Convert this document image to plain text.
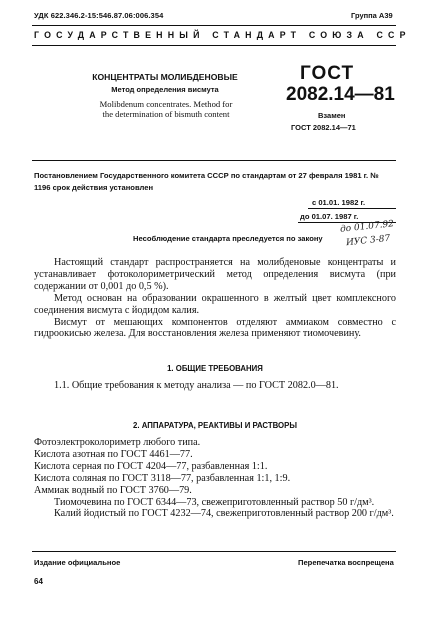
УДК 622.346.2-15:546.87.06:006.354	Группа А39
ГОСУДАРСТВЕННЫЙ СТАНДАРТ СОЮЗА ССР
КОНЦЕНТРАТЫ МОЛИБДЕНОВЫЕ
Метод определения висмута
Molibdenum concentrates. Method for the determination of bismuth content
ГОСТ
2082.14—81
Взамен
ГОСТ 2082.14—71
Постановлением Государственного комитета СССР по стандартам от 27 февраля 1981 г. № 1196 срок действия установлен
с 01.01. 1982 г.
до 01.07. 1987 г.
Несоблюдение стандарта преследуется по закону
до 01.07.92
ИУС 3-87

Настоящий стандарт распространяется на молибденовые концентраты и устанавливает фотоколориметрический метод определения висмута (при содержании от 0,001 до 0,5 %).

Метод основан на образовании окрашенного в желтый цвет комплексного соединения висмута с йодидом калия.

Висмут от мешающих компонентов отделяют аммиаком совместно с гидроокисью железа. Для восстановления железа применяют тиомочевину.

1. ОБЩИЕ ТРЕБОВАНИЯ

1.1. Общие требования к методу анализа — по ГОСТ 2082.0—81.

2. АППАРАТУРА, РЕАКТИВЫ И РАСТВОРЫ
Фотоэлектроколориметр любого типа.
Кислота азотная по ГОСТ 4461—77.
Кислота серная по ГОСТ 4204—77, разбавленная 1:1.
Кислота соляная по ГОСТ 3118—77, разбавленная 1:1, 1:9.
Аммиак водный по ГОСТ 3760—79.
Тиомочевина по ГОСТ 6344—73, свежеприготовленный раствор 50 г/дм³.
Калий йодистый по ГОСТ 4232—74, свежеприготовленный раствор 200 г/дм³.
Издание официальное	Перепечатка воспрещена
64
